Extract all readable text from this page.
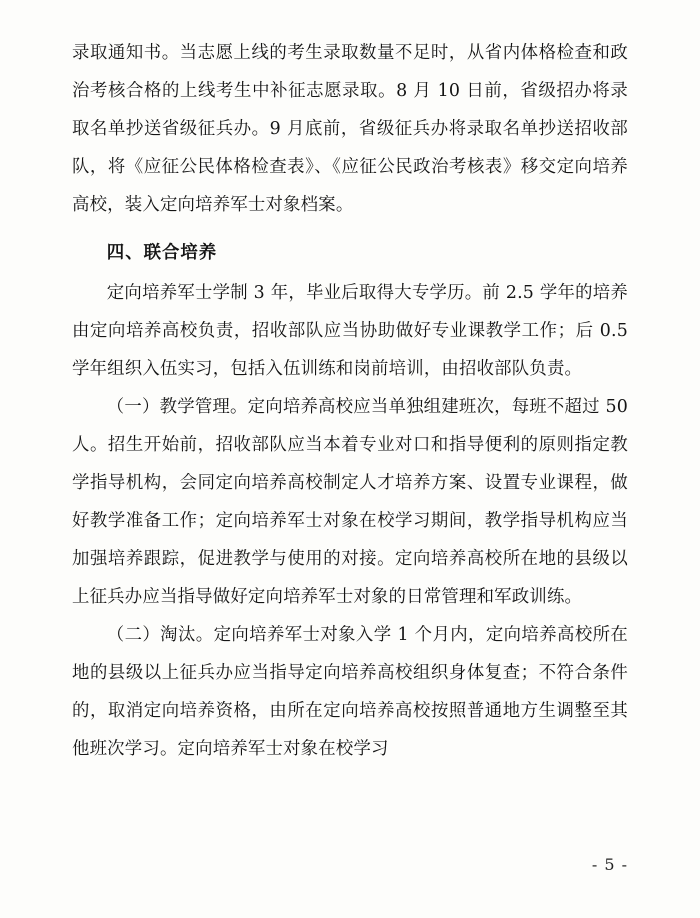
录取通知书。当志愿上线的考生录取数量不足时，从省内体格检查和政治考核合格的上线考生中补征志愿录取。8 月 10 日前，省级招办将录取名单抄送省级征兵办。9 月底前，省级征兵办将录取名单抄送招收部队，将《应征公民体格检查表》、《应征公民政治考核表》移交定向培养高校，装入定向培养军士对象档案。

四、联合培养

定向培养军士学制 3 年，毕业后取得大专学历。前 2.5 学年的培养由定向培养高校负责，招收部队应当协助做好专业课教学工作；后 0.5 学年组织入伍实习，包括入伍训练和岗前培训，由招收部队负责。

（一）教学管理。定向培养高校应当单独组建班次，每班不超过 50 人。招生开始前，招收部队应当本着专业对口和指导便利的原则指定教学指导机构，会同定向培养高校制定人才培养方案、设置专业课程，做好教学准备工作；定向培养军士对象在校学习期间，教学指导机构应当加强培养跟踪，促进教学与使用的对接。定向培养高校所在地的县级以上征兵办应当指导做好定向培养军士对象的日常管理和军政训练。

（二）淘汰。定向培养军士对象入学 1 个月内，定向培养高校所在地的县级以上征兵办应当指导定向培养高校组织身体复查；不符合条件的，取消定向培养资格，由所在定向培养高校按照普通地方生调整至其他班次学习。定向培养军士对象在校学习

- 5 -
